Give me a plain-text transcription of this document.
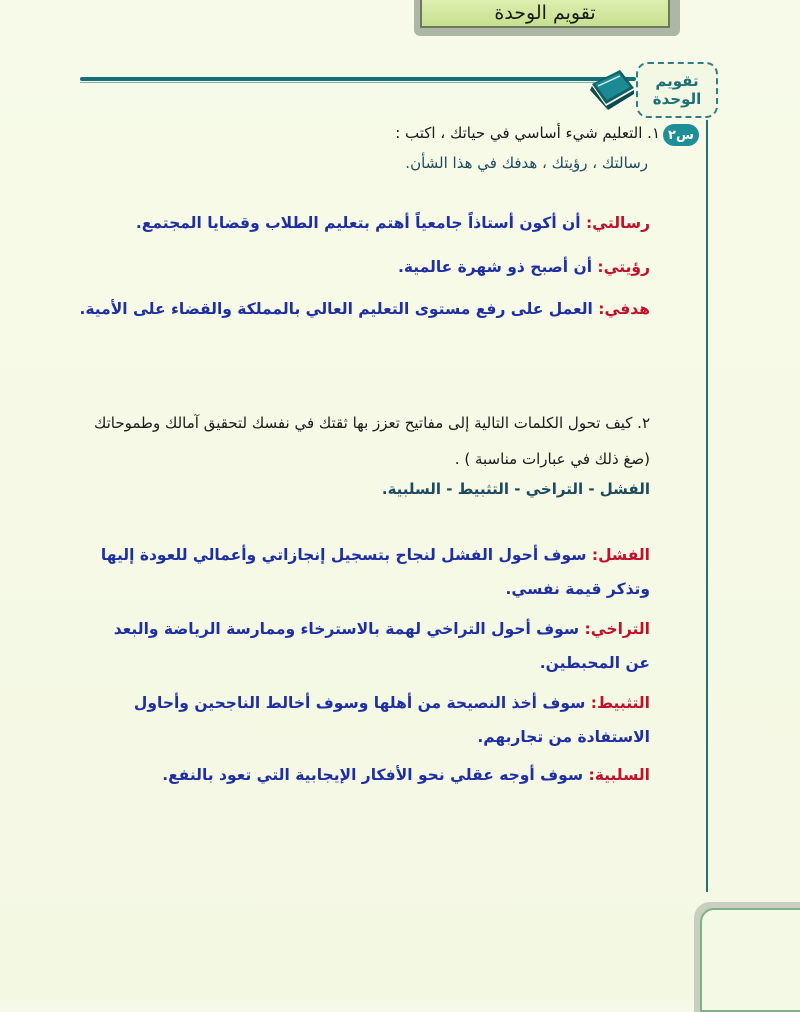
تقويم الوحدة
تقويم
الوحدة
س٢
١. التعليم شيء أساسي في حياتك ، اكتب :
رسالتك ، رؤيتك ، هدفك في هذا الشأن.
رسالتي: أن أكون أستاذاً جامعياً أهتم بتعليم الطلاب وقضايا المجتمع.
رؤيتي: أن أصبح ذو شهرة عالمية.
هدفي: العمل على رفع مستوى التعليم العالي بالمملكة والقضاء على الأمية.
٢. كيف تحول الكلمات التالية إلى مفاتيح تعزز بها ثقتك في نفسك لتحقيق آمالك وطموحاتك
(صغ ذلك في عبارات مناسبة ) .
الفشل - التراخي - التثبيط - السلبية.
الفشل: سوف أحول الفشل لنجاح بتسجيل إنجازاتي وأعمالي للعودة إليها وتذكر قيمة نفسي.
التراخي: سوف أحول التراخي لهمة بالاسترخاء وممارسة الرياضة والبعد عن المحبطين.
التثبيط: سوف أخذ النصيحة من أهلها وسوف أخالط الناجحين وأحاول الاستفادة من تجاربهم.
السلبية: سوف أوجه عقلي نحو الأفكار الإيجابية التي تعود بالنفع.
